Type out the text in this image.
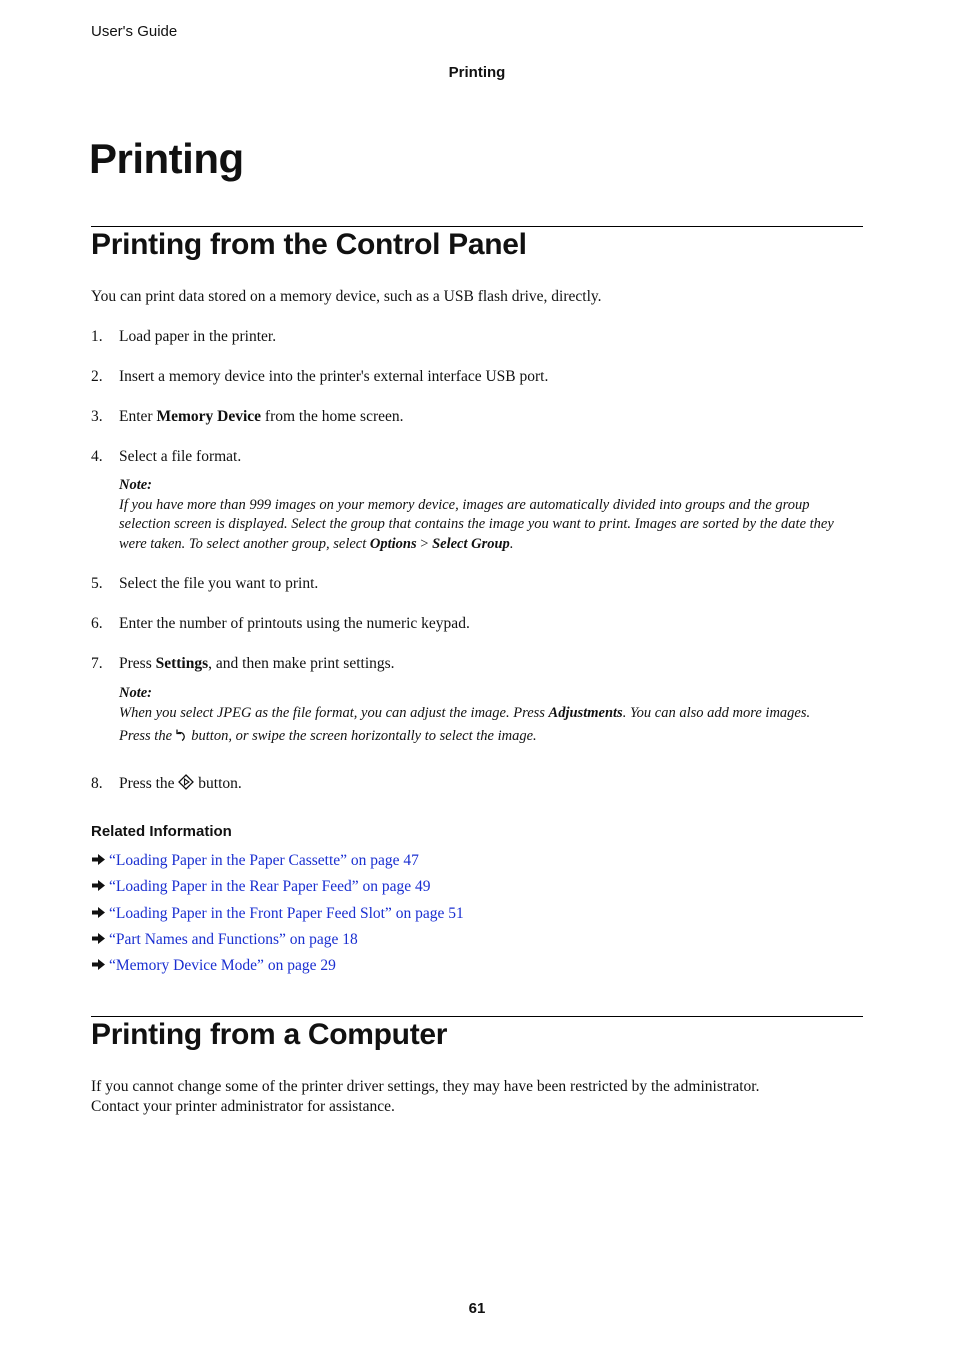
User's Guide
Printing
Printing
Printing from the Control Panel
You can print data stored on a memory device, such as a USB flash drive, directly.
1. Load paper in the printer.
2. Insert a memory device into the printer's external interface USB port.
3. Enter Memory Device from the home screen.
4. Select a file format.
Note:
If you have more than 999 images on your memory device, images are automatically divided into groups and the group selection screen is displayed. Select the group that contains the image you want to print. Images are sorted by the date they were taken. To select another group, select Options > Select Group.
5. Select the file you want to print.
6. Enter the number of printouts using the numeric keypad.
7. Press Settings, and then make print settings.
Note:
When you select JPEG as the file format, you can adjust the image. Press Adjustments. You can also add more images.
Press the  button, or swipe the screen horizontally to select the image.
8. Press the  button.
Related Information
“Loading Paper in the Paper Cassette” on page 47
“Loading Paper in the Rear Paper Feed” on page 49
“Loading Paper in the Front Paper Feed Slot” on page 51
“Part Names and Functions” on page 18
“Memory Device Mode” on page 29
Printing from a Computer
If you cannot change some of the printer driver settings, they may have been restricted by the administrator.
Contact your printer administrator for assistance.
61
